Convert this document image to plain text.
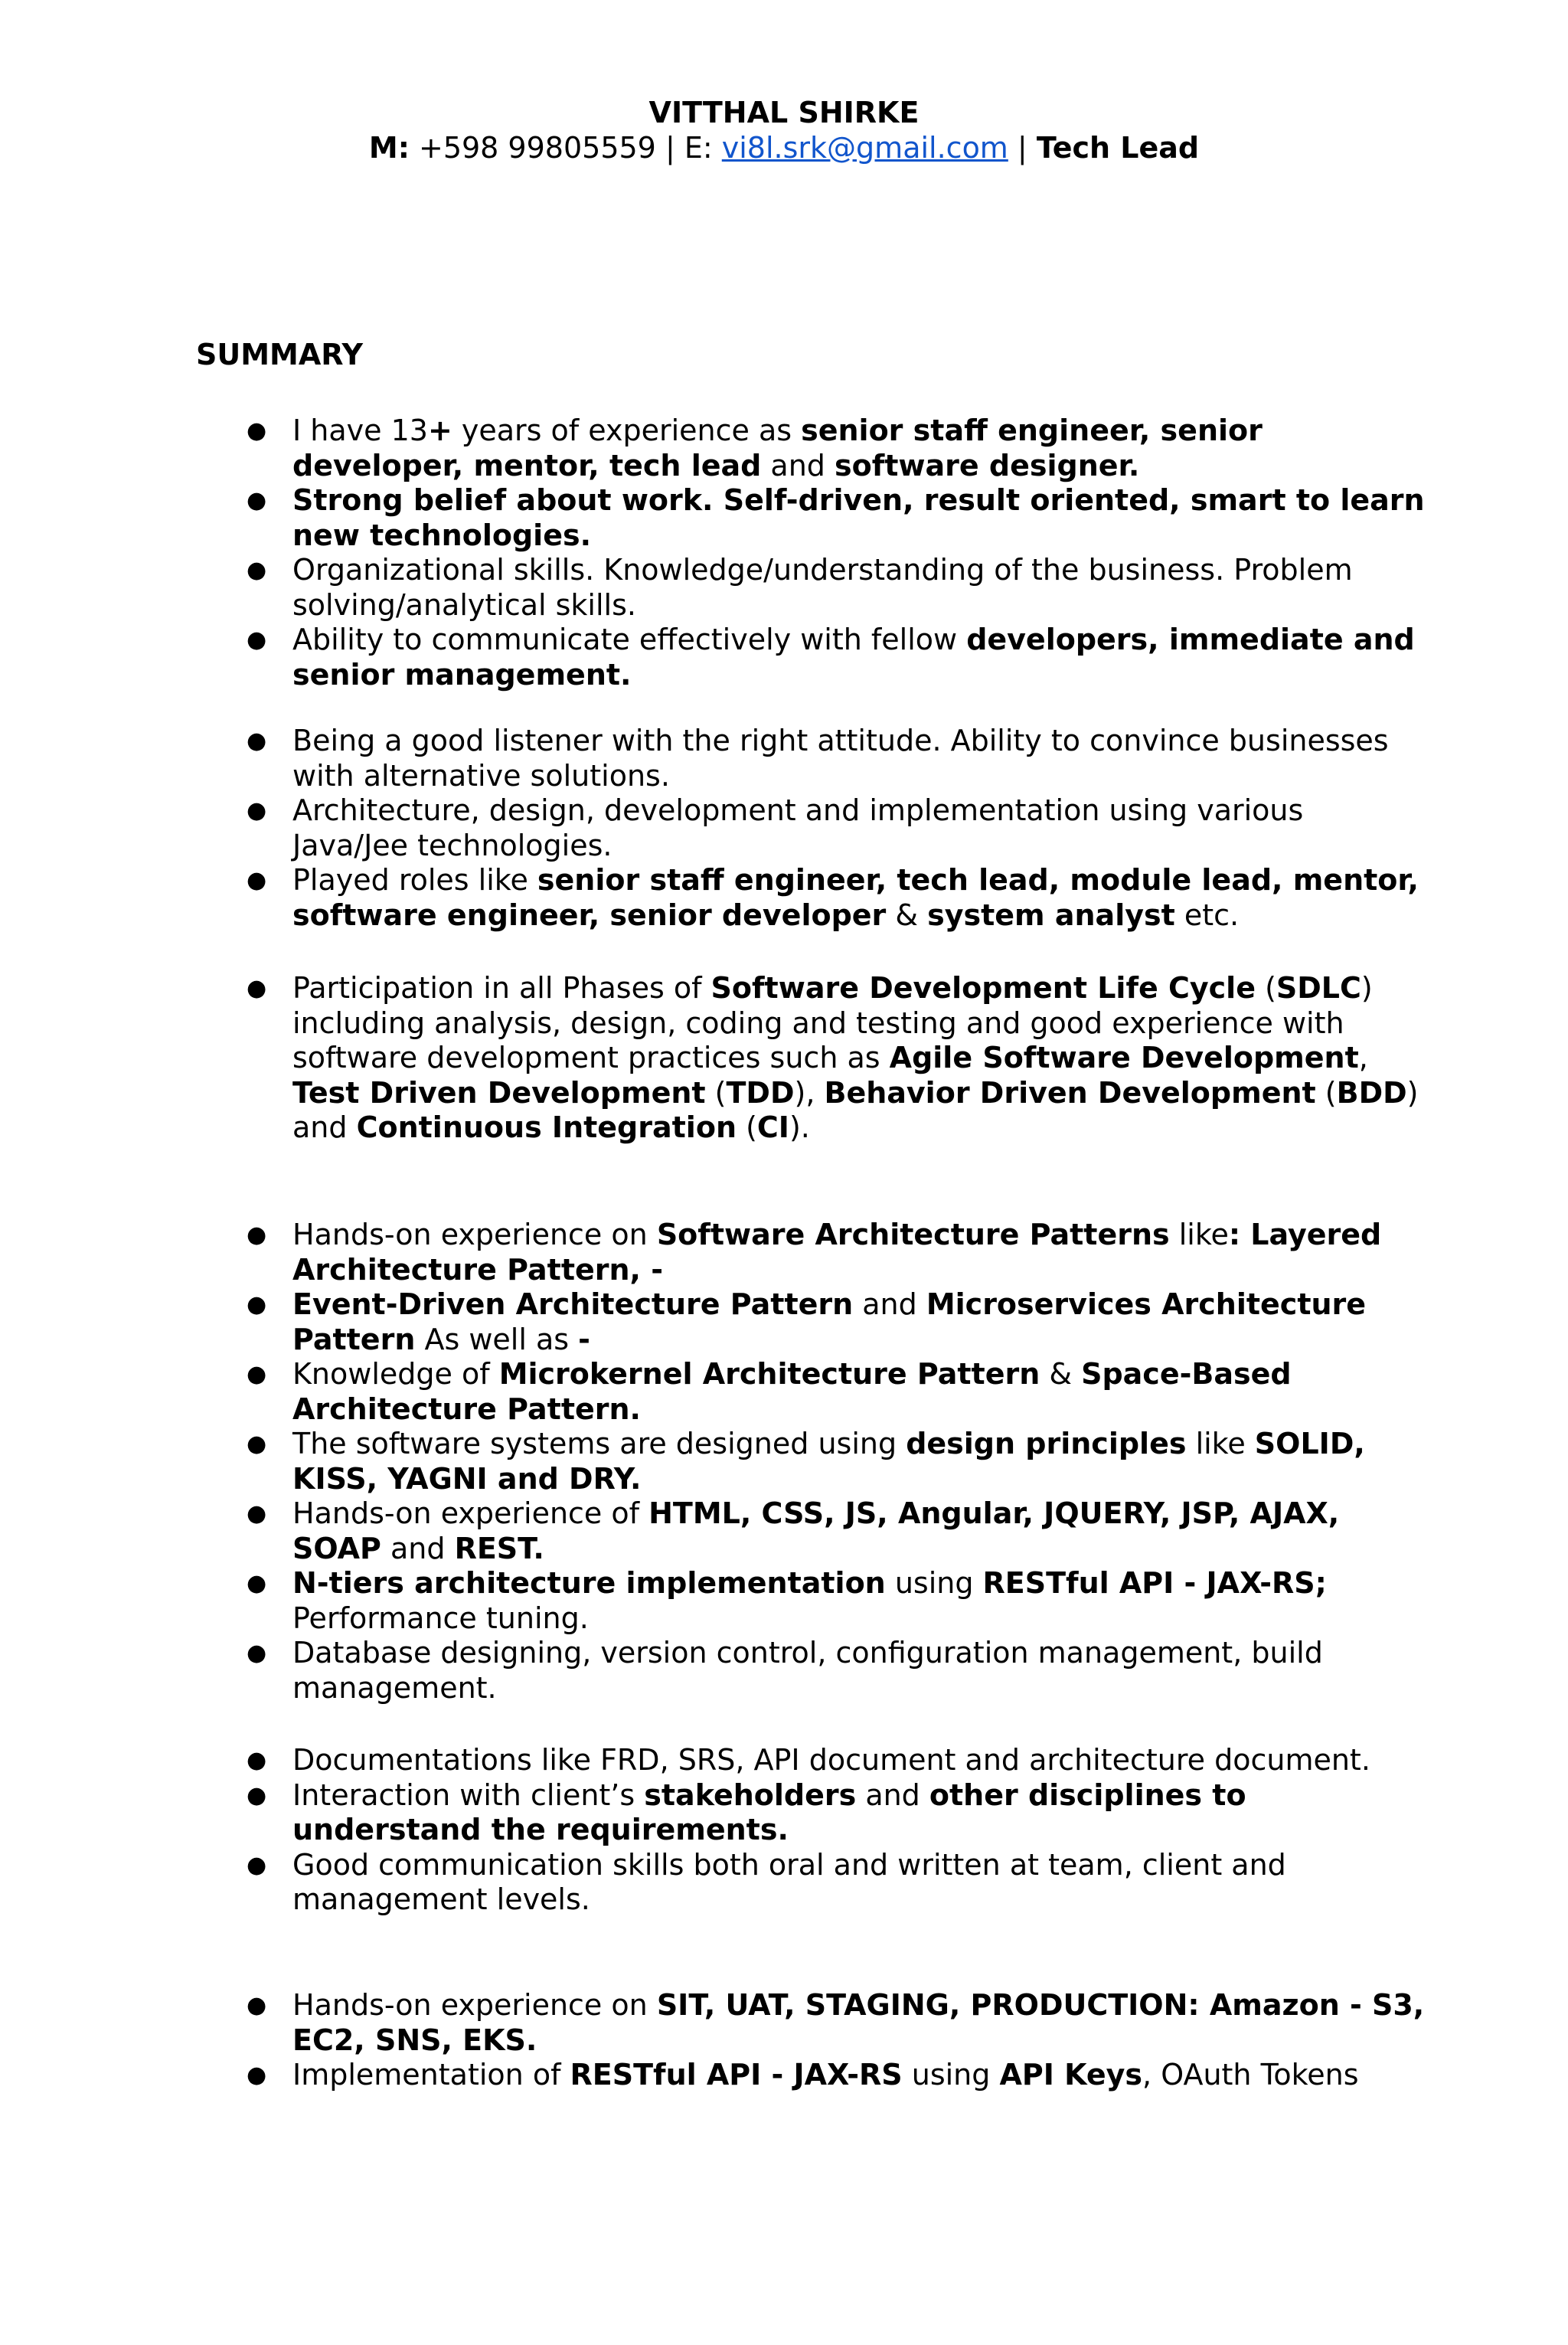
VITTHAL SHIRKE
M: +598 99805559 | E: vi8l.srk@gmail.com | Tech Lead
SUMMARY
● I have 13+ years of experience as senior staff engineer, senior developer, mentor, tech lead and software designer.
● Strong belief about work. Self-driven, result oriented, smart to learn new technologies.
● Organizational skills. Knowledge/understanding of the business. Problem solving/analytical skills.
● Ability to communicate effectively with fellow developers, immediate and senior management.
● Being a good listener with the right attitude. Ability to convince businesses with alternative solutions.
● Architecture, design, development and implementation using various Java/Jee technologies.
● Played roles like senior staff engineer, tech lead, module lead, mentor, software engineer, senior developer & system analyst etc.
● Participation in all Phases of Software Development Life Cycle (SDLC) including analysis, design, coding and testing and good experience with software development practices such as Agile Software Development, Test Driven Development (TDD), Behavior Driven Development (BDD) and Continuous Integration (CI).
● Hands-on experience on Software Architecture Patterns like: Layered Architecture Pattern, -
● Event-Driven Architecture Pattern and Microservices Architecture Pattern As well as -
● Knowledge of Microkernel Architecture Pattern & Space-Based Architecture Pattern.
● The software systems are designed using design principles like SOLID, KISS, YAGNI and DRY.
● Hands-on experience of HTML, CSS, JS, Angular, JQUERY, JSP, AJAX, SOAP and REST.
● N-tiers architecture implementation using RESTful API - JAX-RS; Performance tuning.
● Database designing, version control, configuration management, build management.
● Documentations like FRD, SRS, API document and architecture document.
● Interaction with client’s stakeholders and other disciplines to understand the requirements.
● Good communication skills both oral and written at team, client and management levels.
● Hands-on experience on SIT, UAT, STAGING, PRODUCTION: Amazon - S3, EC2, SNS, EKS.
● Implementation of RESTful API - JAX-RS using API Keys, OAuth Tokens
